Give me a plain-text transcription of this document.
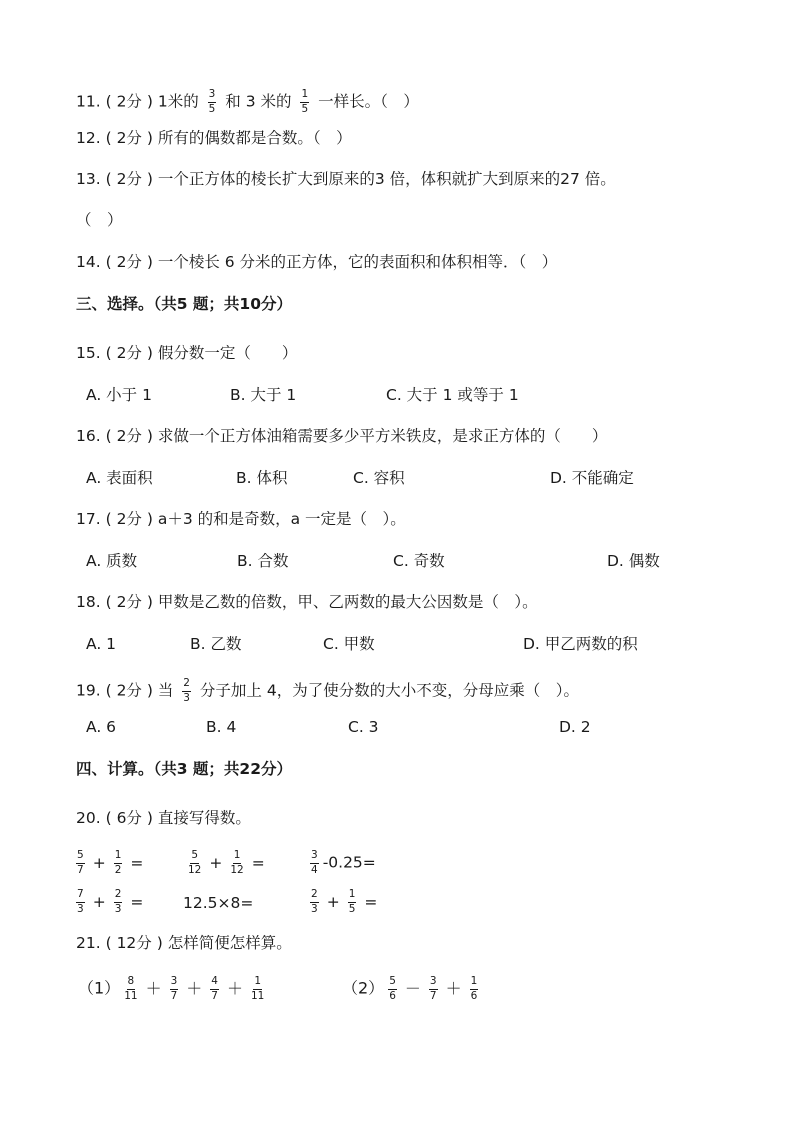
11. ( 2分 ) 1米的 $\frac{3}{5}$ 和 3 米的 $\frac{1}{5}$ 一样长。（　）
12. ( 2分 ) 所有的偶数都是合数。（　）
13. ( 2分 ) 一个正方体的棱长扩大到原来的3 倍，体积就扩大到原来的27 倍。
（　）
14. ( 2分 ) 一个棱长 6 分米的正方体，它的表面积和体积相等．（　）
三、选择。（共5 题；共10分）
15. ( 2分 ) 假分数一定（　　）
A. 小于 1	B. 大于 1	C. 大于 1 或等于 1
16. ( 2分 ) 求做一个正方体油箱需要多少平方米铁皮，是求正方体的（　　）
A. 表面积	B. 体积	C. 容积	D. 不能确定
17. ( 2分 ) a＋3 的和是奇数，a 一定是（　）。
A. 质数	B. 合数	C. 奇数	D. 偶数
18. ( 2分 ) 甲数是乙数的倍数，甲、乙两数的最大公因数是（　）。
A. 1	B. 乙数	C. 甲数	D. 甲乙两数的积
19. ( 2分 ) 当 $\frac{2}{3}$ 分子加上 4，为了使分数的大小不变，分母应乘（　）。
A. 6	B. 4	C. 3	D. 2
四、计算。（共3 题；共22分）
20. ( 6分 ) 直接写得数。
$\frac{5}{7} + \frac{1}{2}$ =	$\frac{5}{12} + \frac{1}{12}$ =	$\frac{3}{4} -0.25=$
$\frac{7}{3} + \frac{2}{3}$ =	12.5×8=	$\frac{2}{3} + \frac{1}{5}$ =
21. ( 12分 ) 怎样简便怎样算。
$(1) \frac{8}{11} + \frac{3}{7} + \frac{4}{7} + \frac{1}{11}$	$(2) \frac{5}{6} - \frac{3}{7} + \frac{1}{6}$
